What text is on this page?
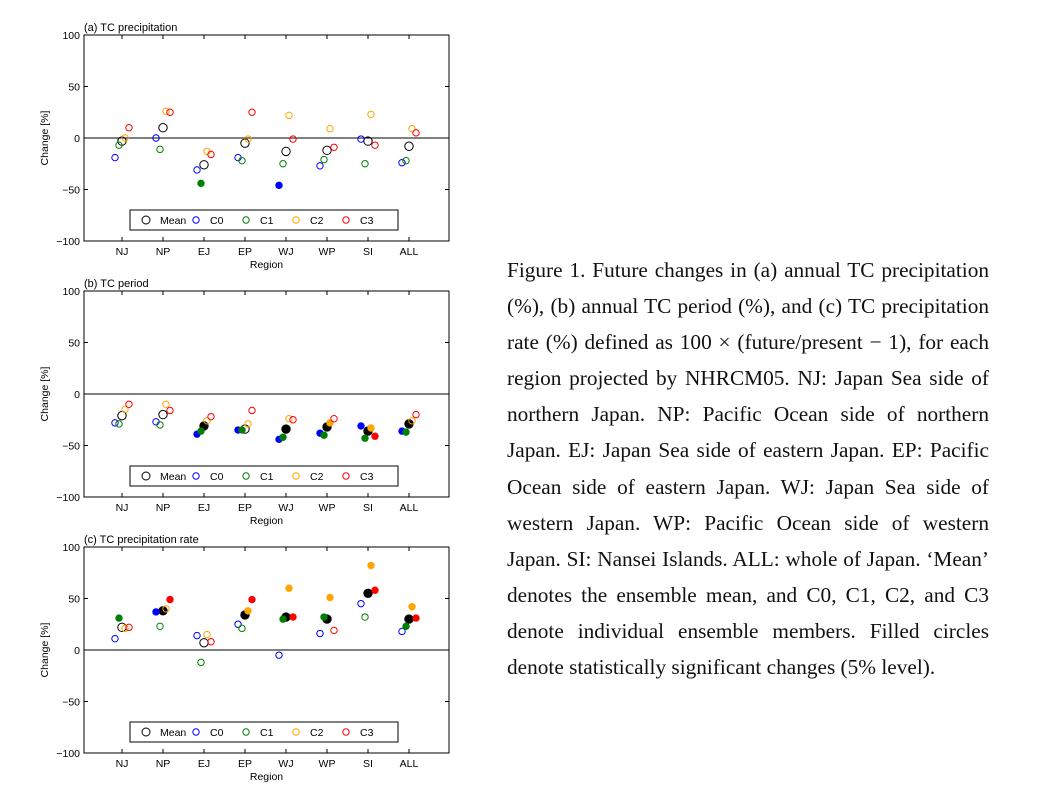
(a) TC precipitation
100
50
0
−50
−100
Change [%]
NJ	NP	EJ	EP	WJ WP	SI	ALL
Region
Mean C0	C1	C2	C3
(b) TC period
100
50
0
−50
−100
Change [%]
NJ	NP	EJ	EP	WJ WP	SI	ALL
Region
Mean C0	C1	C2	C3
(c) TC precipitation rate
100
50
0
−50
−100
Change [%]
NJ	NP	EJ	EP	WJ WP	SI	ALL
Region
Mean C0	C1	C2	C3

Figure 1. Future changes in (a) annual TC precipitation (%), (b) annual TC period (%), and (c) TC precipitation rate (%) defined as 100 × (future/present − 1), for each region projected by NHRCM05. NJ: Japan Sea side of northern Japan. NP: Pacific Ocean side of northern Japan. EJ: Japan Sea side of eastern Japan. EP: Pacific Ocean side of eastern Japan. WJ: Japan Sea side of western Japan. WP: Pacific Ocean side of western Japan. SI: Nansei Islands. ALL: whole of Japan. ‘Mean’ denotes the ensemble mean, and C0, C1, C2, and C3 denote individual ensemble members. Filled circles denote statistically significant changes (5% level).
